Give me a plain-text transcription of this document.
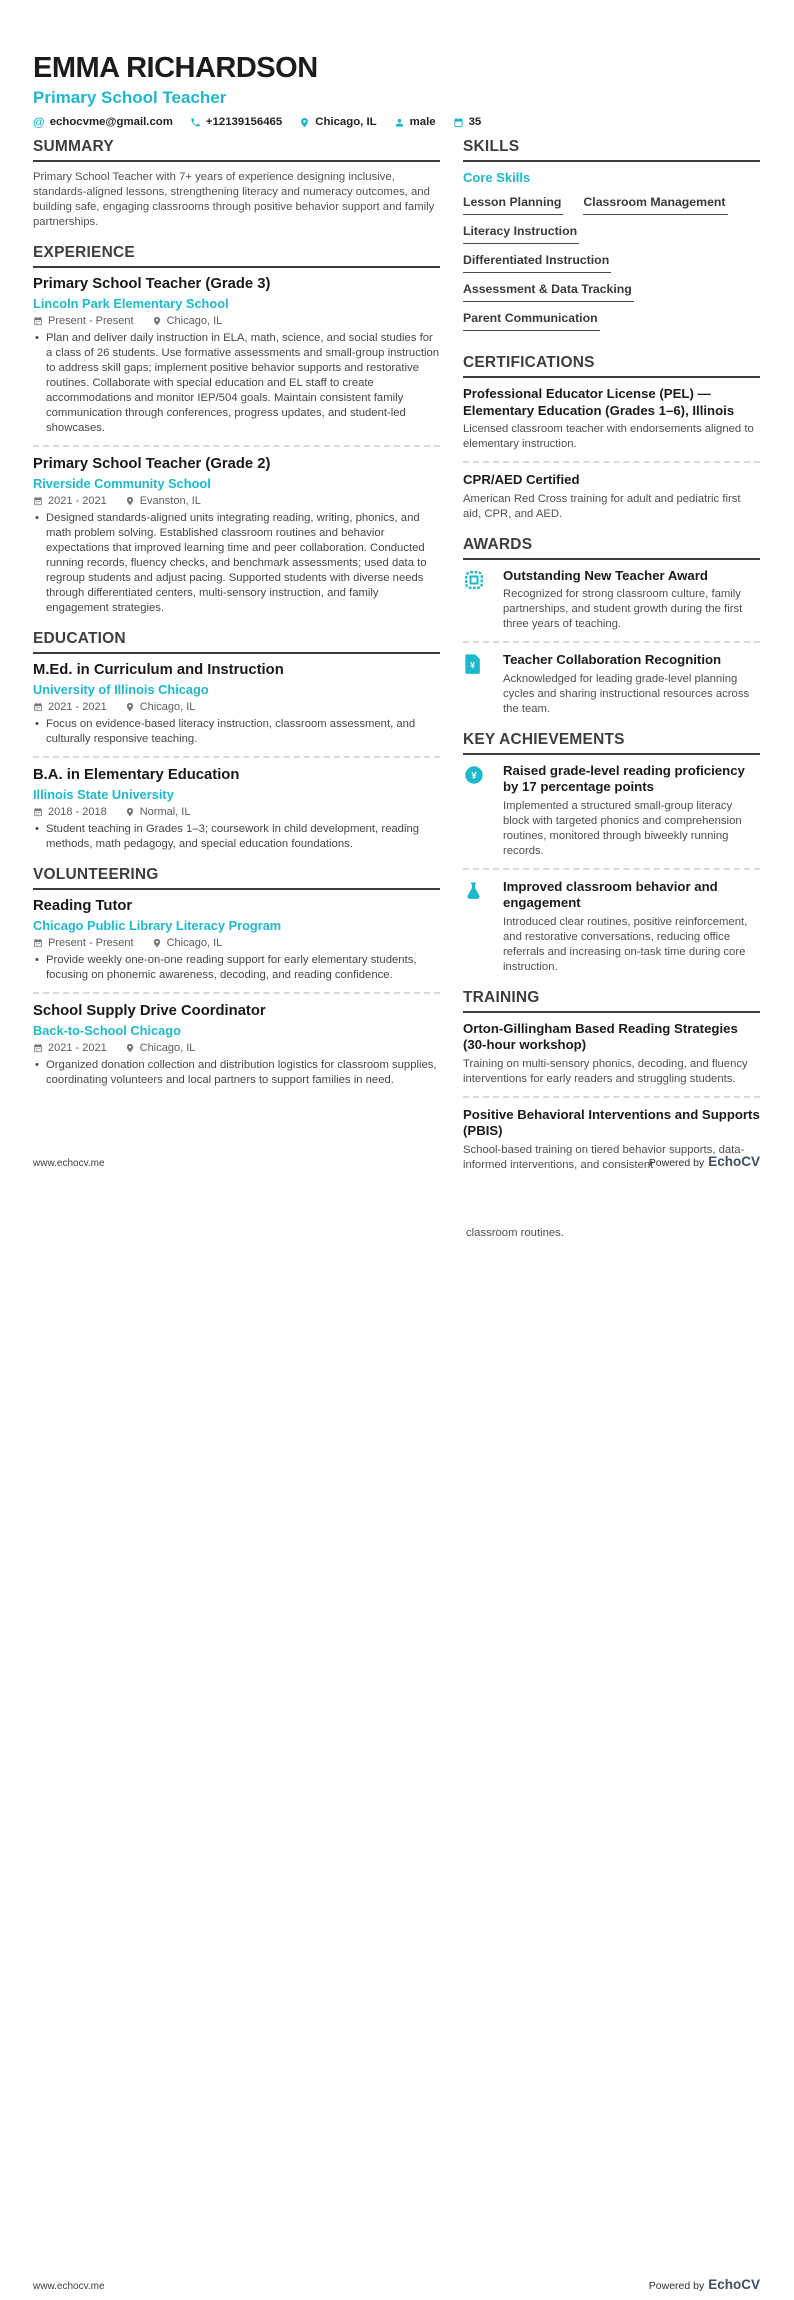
EMMA RICHARDSON
Primary School Teacher
@ echocvme@gmail.com	+12139156465	Chicago, IL	male	35
SUMMARY

Primary School Teacher with 7+ years of experience designing inclusive, standards-aligned lessons, strengthening literacy and numeracy outcomes, and building safe, engaging classrooms through positive behavior support and family partnerships.

EXPERIENCE
Primary School Teacher (Grade 3)
Lincoln Park Elementary School
Present - Present	Chicago, IL
• Plan and deliver daily instruction in ELA, math, science, and social studies for a class of 26 students. Use formative assessments and small-group instruction to address skill gaps; implement positive behavior supports and restorative routines. Collaborate with special education and EL staff to create accommodations and monitor IEP/504 goals. Maintain consistent family communication through conferences, progress updates, and student-led showcases.
Primary School Teacher (Grade 2)
Riverside Community School
2021 - 2021	Evanston, IL
• Designed standards-aligned units integrating reading, writing, phonics, and math problem solving. Established classroom routines and behavior expectations that improved learning time and peer collaboration. Conducted running records, fluency checks, and benchmark assessments; used data to regroup students and adjust pacing. Supported students with diverse needs through differentiated centers, multi-sensory instruction, and family engagement strategies.
EDUCATION
M.Ed. in Curriculum and Instruction
University of Illinois Chicago
2021 - 2021	Chicago, IL
• Focus on evidence-based literacy instruction, classroom assessment, and culturally responsive teaching.
B.A. in Elementary Education
Illinois State University
2018 - 2018	Normal, IL
• Student teaching in Grades 1–3; coursework in child development, reading methods, math pedagogy, and special education foundations.
VOLUNTEERING
Reading Tutor
Chicago Public Library Literacy Program
Present - Present	Chicago, IL
• Provide weekly one-on-one reading support for early elementary students, focusing on phonemic awareness, decoding, and reading confidence.
School Supply Drive Coordinator
Back-to-School Chicago
2021 - 2021	Chicago, IL
• Organized donation collection and distribution logistics for classroom supplies, coordinating volunteers and local partners to support families in need.
SKILLS
Core Skills
Lesson Planning Classroom Management
Literacy Instruction
Differentiated Instruction
Assessment & Data Tracking
Parent Communication
CERTIFICATIONS
Professional Educator License (PEL) — Elementary Education (Grades 1–6), Illinois

Licensed classroom teacher with endorsements aligned to elementary instruction.

CPR/AED Certified

American Red Cross training for adult and pediatric first aid, CPR, and AED.

AWARDS
Outstanding New Teacher Award

Recognized for strong classroom culture, family partnerships, and student growth during the first three years of teaching.

¥ Teacher Collaboration Recognition

Acknowledged for leading grade-level planning cycles and sharing instructional resources across the team.

KEY ACHIEVEMENTS
¥ Raised grade-level reading proficiency by 17 percentage points

Implemented a structured small-group literacy block with targeted phonics and comprehension routines, monitored through biweekly running records.

Improved classroom behavior and engagement

Introduced clear routines, positive reinforcement, and restorative conversations, reducing office referrals and increasing on-task time during core instruction.

TRAINING
Orton-Gillingham Based Reading Strategies (30-hour workshop)

Training on multi-sensory phonics, decoding, and fluency interventions for early readers and struggling students.

Positive Behavioral Interventions and Supports (PBIS)

School-based training on tiered behavior supports, data-informed interventions, and consistent

www.echocv.me	Powered by EchoCV
classroom routines.
www.echocv.me	Powered by EchoCV
